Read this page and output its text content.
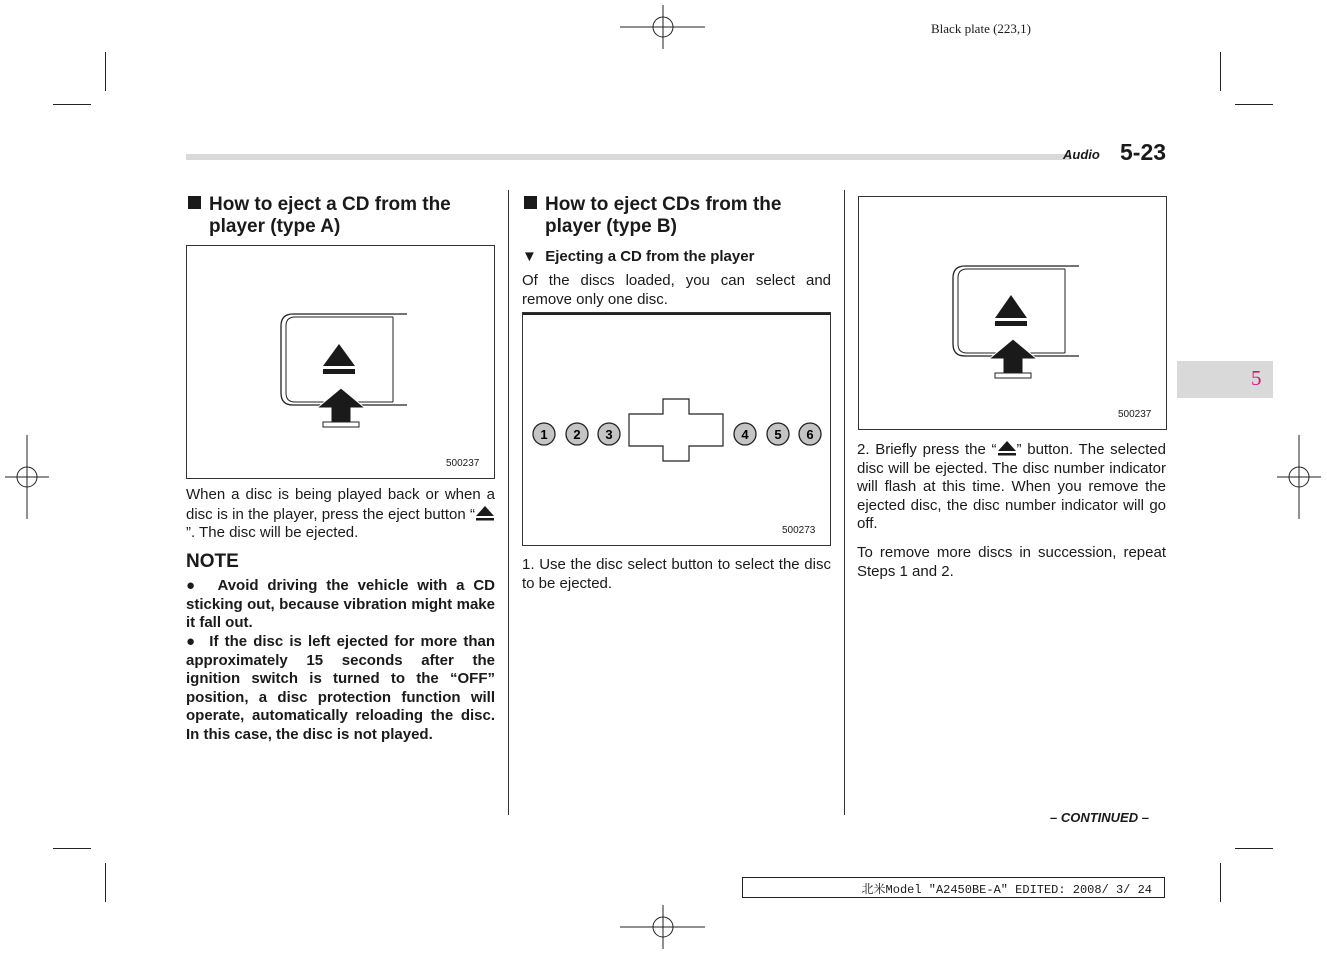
Black plate (223,1)
Audio 5-23
5
How to eject a CD from the
player (type A)
500237
When a disc is being played back or when a disc is in the player, press the eject button “”. The disc will be ejected.
NOTE
●  Avoid driving the vehicle with a CD sticking out, because vibration might make it fall out.
●  If the disc is left ejected for more than approximately 15 seconds after the ignition switch is turned to the “OFF” position, a disc protection function will operate, automatically reloading the disc. In this case, the disc is not played.
How to eject CDs from the
player (type B)
▼ Ejecting a CD from the player
Of the discs loaded, you can select and remove only one disc.
1 2 3	4 5 6
500273
1. Use the disc select button to select the disc to be ejected.
500237
2. Briefly press the “ ” button. The selected disc will be ejected. The disc number indicator will flash at this time. When you remove the ejected disc, the disc number indicator will go off.
To remove more discs in succession, repeat Steps 1 and 2.
– CONTINUED –
北米Model "A2450BE-A" EDITED: 2008/ 3/ 24
